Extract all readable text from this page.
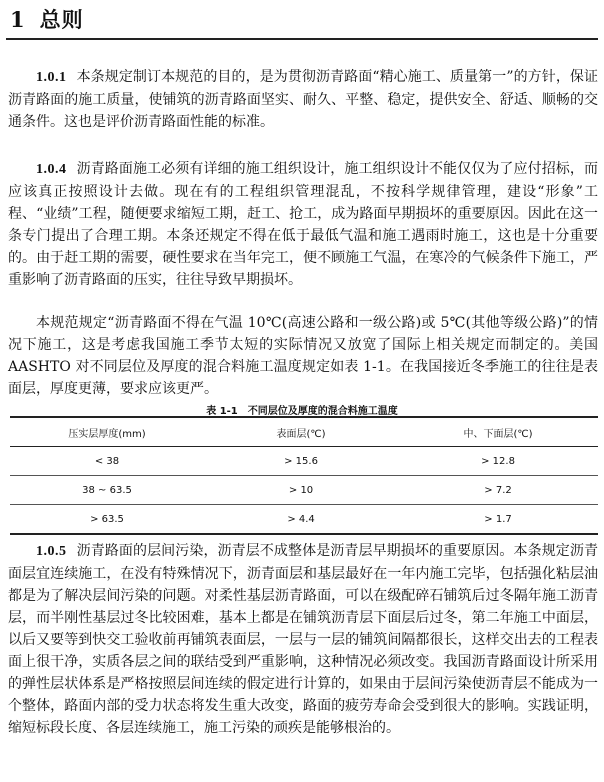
1 总则

1.0.1 本条规定制订本规范的目的，是为贯彻沥青路面“精心施工、质量第一”的方针，保证沥青路面的施工质量，使铺筑的沥青路面坚实、耐久、平整、稳定，提供安全、舒适、顺畅的交通条件。这也是评价沥青路面性能的标准。

1.0.4 沥青路面施工必须有详细的施工组织设计，施工组织设计不能仅仅为了应付招标，而应该真正按照设计去做。现在有的工程组织管理混乱，不按科学规律管理，建设“形象”工程、“业绩”工程，随便要求缩短工期，赶工、抢工，成为路面早期损坏的重要原因。因此在这一条专门提出了合理工期。本条还规定不得在低于最低气温和施工遇雨时施工，这也是十分重要的。由于赶工期的需要，硬性要求在当年完工，便不顾施工气温，在寒冷的气候条件下施工，严重影响了沥青路面的压实，往往导致早期损坏。

本规范规定“沥青路面不得在气温 10℃(高速公路和一级公路)或 5℃(其他等级公路)”的情况下施工，这是考虑我国施工季节太短的实际情况又放宽了国际上相关规定而制定的。美国 AASHTO 对不同层位及厚度的混合料施工温度规定如表 1-1。在我国接近冬季施工的往往是表面层，厚度更薄，要求应该更严。

表 1-1 不同层位及厚度的混合料施工温度

压实层厚度(mm)	表面层(℃)	中、下面层(℃)
< 38	> 15.6	> 12.8
38 ~ 63.5	> 10	> 7.2
> 63.5	> 4.4	> 1.7

1.0.5 沥青路面的层间污染，沥青层不成整体是沥青层早期损坏的重要原因。本条规定沥青面层宜连续施工，在没有特殊情况下，沥青面层和基层最好在一年内施工完毕，包括强化粘层油都是为了解决层间污染的问题。对柔性基层沥青路面，可以在级配碎石铺筑后过冬隔年施工沥青层，而半刚性基层过冬比较困难，基本上都是在铺筑沥青层下面层后过冬，第二年施工中面层，以后又要等到快交工验收前再铺筑表面层，一层与一层的铺筑间隔都很长，这样交出去的工程表面上很干净，实质各层之间的联结受到严重影响，这种情况必须改变。我国沥青路面设计所采用的弹性层状体系是严格按照层间连续的假定进行计算的，如果由于层间污染使沥青层不能成为一个整体，路面内部的受力状态将发生重大改变，路面的疲劳寿命会受到很大的影响。实践证明，缩短标段长度、各层连续施工，施工污染的顽疾是能够根治的。
